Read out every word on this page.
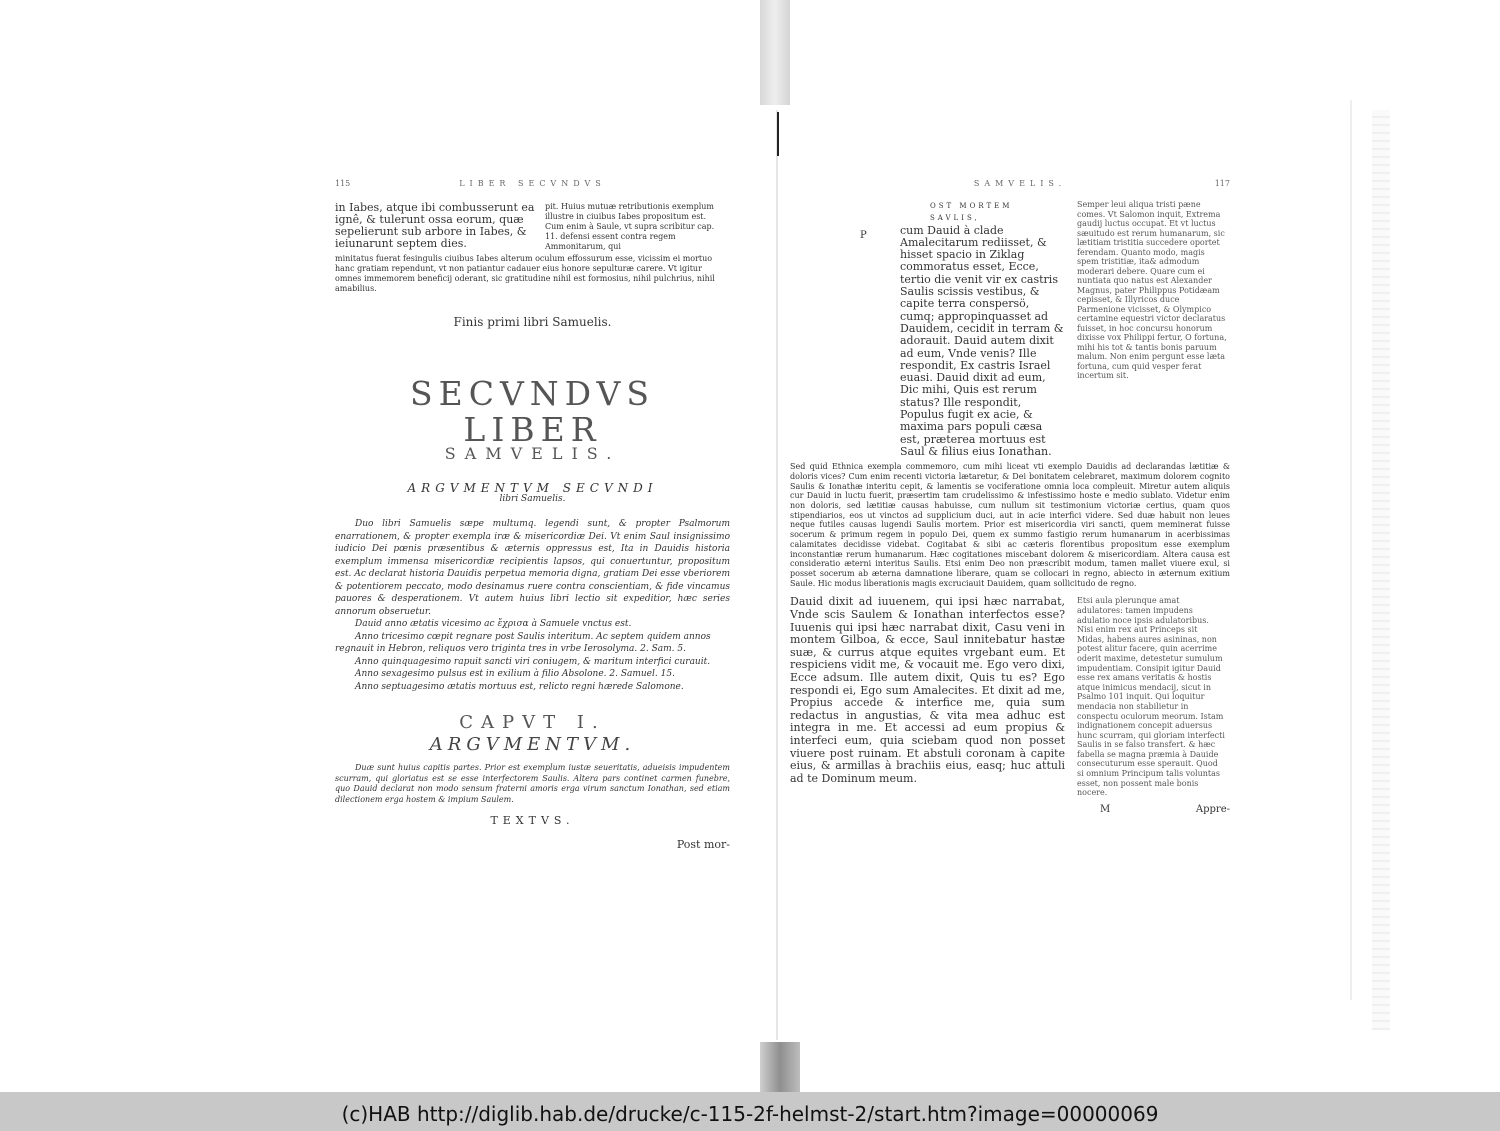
115	LIBER SECVNDVS
in Iabes, atque ibi combusserunt ea ignê, & tulerunt ossa eorum, quæ sepelierunt sub arbore in Iabes, & ieiunarunt septem dies.
pit. Huius mutuæ retributionis exemplum illustre in ciuibus Iabes propositum est. Cum enim à Saule, vt supra scribitur cap. 11. defensi essent contra regem Ammonitarum, qui
minitatus fuerat fesingulis ciuibus Iabes alterum oculum effossurum esse, vicissim ei mortuo hanc gratiam rependunt, vt non patiantur cadauer eius honore sepulturæ carere. Vt igitur omnes immemorem beneficij oderant, sic gratitudine nihil est formosius, nihil pulchrius, nihil amabilius.
Finis primi libri Samuelis.
SECVNDVS LIBER
SAMVELIS.
ARGVMENTVM SECVNDI
libri Samuelis.
Duo libri Samuelis sæpe multumq. legendi sunt, & propter Psalmorum enarrationem, & propter exempla iræ & misericordiæ Dei. Vt enim Saul insignissimo iudicio Dei pœnis præsentibus & æternis oppressus est, Ita in Dauidis historia exemplum immensa misericordiæ recipientis lapsos, qui conuertuntur, propositum est. Ac declarat historia Dauidis perpetua memoria digna, gratiam Dei esse vberiorem & potentiorem peccato, modo desinamus ruere contra conscientiam, & fide vincamus pauores & desperationem. Vt autem huius libri lectio sit expeditior, hæc series annorum obseruetur.
Dauid anno ætatis vicesimo ac ἔχρισα à Samuele vnctus est.
Anno tricesimo cœpit regnare post Saulis interitum. Ac septem quidem annos regnauit in Hebron, reliquos vero triginta tres in vrbe Ierosolyma. 2. Sam. 5.
Anno quinquagesimo rapuit sancti viri coniugem, & maritum interfici curauit.
Anno sexagesimo pulsus est in exilium à filio Absolone. 2. Samuel. 15.
Anno septuagesimo ætatis mortuus est, relicto regni hærede Salomone.
CAPVT I.
ARGVMENTVM.
Duæ sunt huius capitis partes. Prior est exemplum iustæ seueritatis, adueisis impudentem scurram, qui gloriatus est se esse interfectorem Saulis. Altera pars continet carmen funebre, quo Dauid declarat non modo sensum fraterni amoris erga virum sanctum Ionathan, sed etiam dilectionem erga hostem & impium Saulem.
TEXTVS.
Post mor-
SAMVELIS.	117
OST MORTEM SAVLIS,
P	cum Dauid à clade Amalecitarum rediisset, & hisset spacio in Ziklag commoratus esset, Ecce, tertio die venit vir ex castris Saulis scissis vestibus, & capite terra conspersö, cumq; appropinquasset ad Dauidem, cecidit in terram & adorauit. Dauid autem dixit ad eum, Vnde venis? Ille respondit, Ex castris Israel euasi. Dauid dixit ad eum, Dic mihi, Quis est rerum status? Ille respondit, Populus fugit ex acie, & maxima pars populi cæsa est, præterea mortuus est Saul & filius eius Ionathan.
Semper leui aliqua tristi pæne comes. Vt Salomon inquit, Extrema gaudij luctus occupat. Et vt luctus sæuitudo est rerum humanarum, sic lætitiam tristitia succedere oportet ferendam. Quanto modo, magis spem tristitiæ, ita& admodum moderari debere. Quare cum ei nuntiata quo natus est Alexander Magnus, pater Philippus Potidæam cepisset, & Illyricos duce Parmenione vicisset, & Olympico certamine equestri victor declaratus fuisset, in hoc concursu honorum dixisse vox Philippi fertur, O fortuna, mihi his tot & tantis bonis paruum malum. Non enim pergunt esse læta fortuna, cum quid vesper ferat incertum sit.
Sed quid Ethnica exempla commemoro, cum mihi liceat vti exemplo Dauidis ad declarandas lætitiæ & doloris vices? Cum enim recenti victoria lætaretur, & Dei bonitatem celebraret, maximum dolorem cognito Saulis & Ionathæ interitu cepit, & lamentis se vociferatione omnia loca compleuit. Miretur autem aliquis cur Dauid in luctu fuerit, præsertim tam crudelissimo & infestissimo hoste e medio sublato. Videtur enim non doloris, sed lætitiæ causas habuisse, cum nullum sit testimonium victoriæ certius, quam quos stipendiarios, eos ut vinctos ad supplicium duci, aut in acie interfici videre. Sed duæ habuit non leues neque futiles causas lugendi Saulis mortem. Prior est misericordia viri sancti, quem meminerat fuisse socerum & primum regem in populo Dei, quem ex summo fastigio rerum humanarum in acerbissimas calamitates decidisse videbat. Cogitabat & sibi ac cæteris florentibus propositum esse exemplum inconstantiæ rerum humanarum. Hæc cogitationes miscebant dolorem & misericordiam. Altera causa est consideratio æterni interitus Saulis. Etsi enim Deo non præscribit modum, tamen mallet viuere exul, si posset socerum ab æterna damnatione liberare, quam se collocari in regno, abiecto in æternum exitium Saule. Hic modus liberationis magis excruciauit Dauidem, quam sollicitudo de regno.
Dauid dixit ad iuuenem, qui ipsi hæc narrabat, Vnde scis Saulem & Ionathan interfectos esse? Iuuenis qui ipsi hæc narrabat dixit, Casu veni in montem Gilboa, & ecce, Saul innitebatur hastæ suæ, & currus atque equites vrgebant eum. Et respiciens vidit me, & vocauit me. Ego vero dixi, Ecce adsum. Ille autem dixit, Quis tu es? Ego respondi ei, Ego sum Amalecites. Et dixit ad me, Propius accede & interfice me, quia sum redactus in angustias, & vita mea adhuc est integra in me. Et accessi ad eum propius & interfeci eum, quia sciebam quod non posset viuere post ruinam. Et abstuli coronam à capite eius, & armillas à brachiis eius, easq; huc attuli ad te Dominum meum.
Etsi aula plerunque amat adulatores: tamen impudens adulatio noce ipsis adulatoribus. Nisi enim rex aut Princeps sit Midas, habens aures asininas, non potest alitur facere, quin acerrime oderit maxime, detestetur sumulum impudentiam. Consipit igitur Dauid esse rex amans veritatis & hostis atque inimicus mendacij, sicut in Psalmo 101 inquit. Qui loquitur mendacia non stabilietur in conspectu oculorum meorum. Istam indignationem concepit aduersus hunc scurram, qui gloriam interfecti Saulis in se falso transfert. & hæc fabella se magna præmia à Dauide consecuturum esse sperauit. Quod si omnium Principum talis voluntas esset, non possent male bonis nocere.
M	Appre-
(c)HAB http://diglib.hab.de/drucke/c-115-2f-helmst-2/start.htm?image=00000069
